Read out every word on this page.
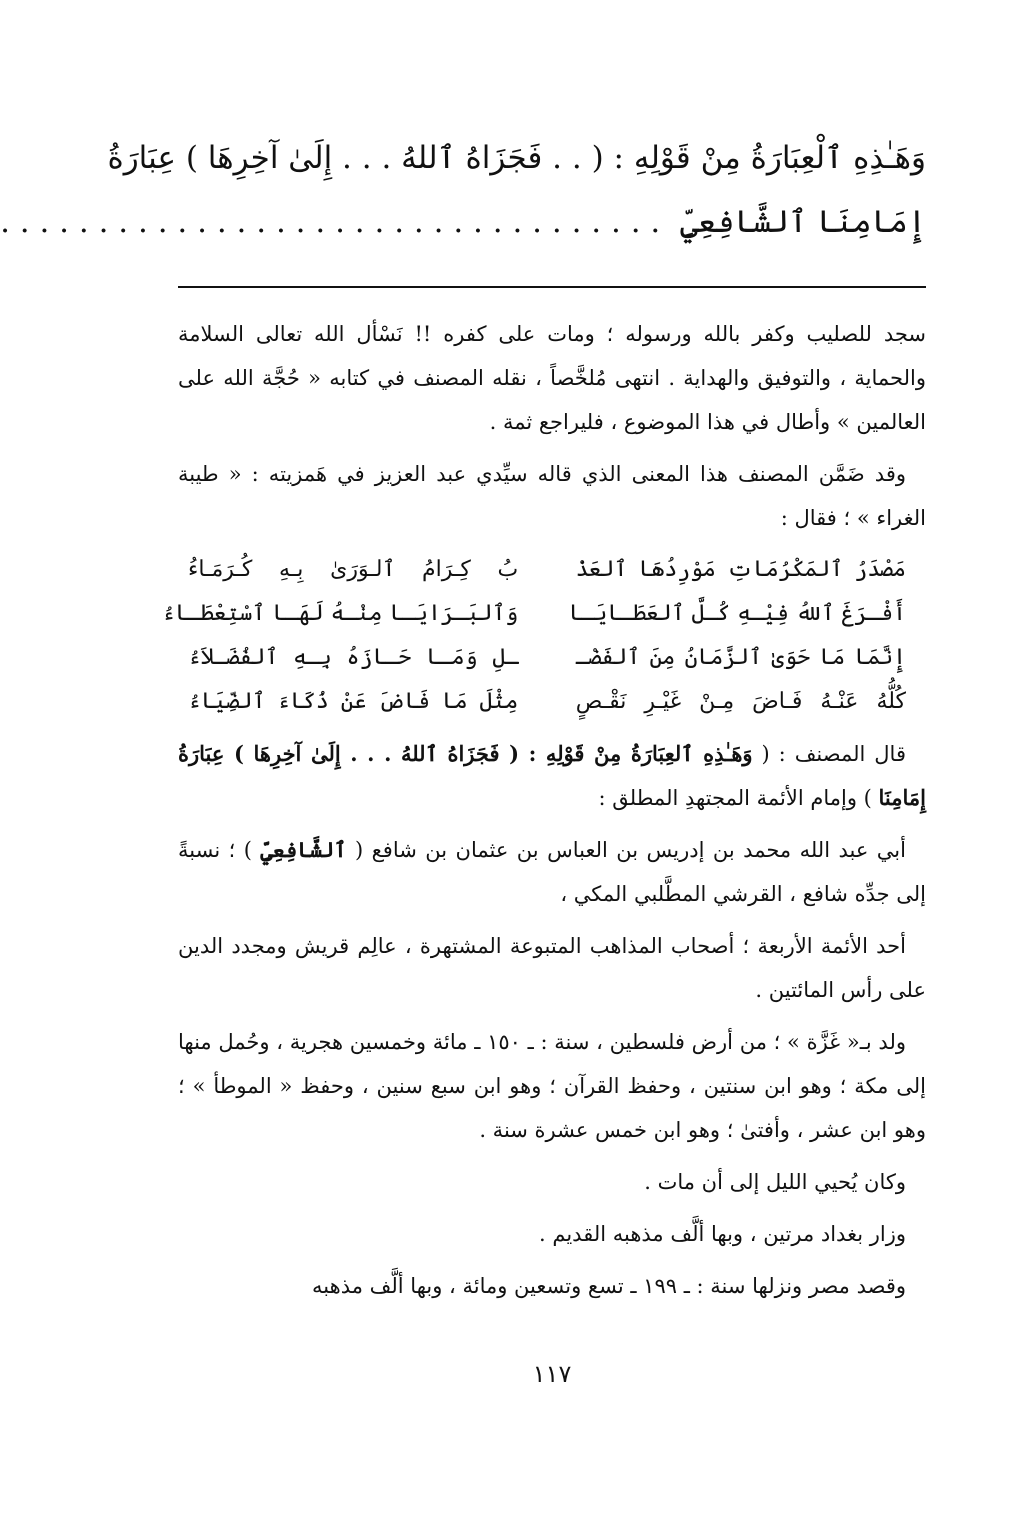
وَهَـٰذِهِ ٱلْعِبَارَةُ مِنْ قَوْلِهِ : ( . . فَجَزَاهُ ٱللهُ . . . إِلَىٰ آخِرِهَا ) عِبَارَةُ
إِمَامِنَا ٱلشَّافِعِيِّ  . . . . . . . . . . . . . . . . . . . . . . . . . . . . . . . . . .

سجد للصليب وكفر بالله ورسوله ؛ ومات على كفره !! نَسْأل الله تعالى السلامة والحماية ، والتوفيق والهداية . انتهى مُلخَّصاً ، نقله المصنف في كتابه « حُجَّة الله على العالمين » وأطال في هذا الموضوع ، فليراجع ثمة .

وقد ضَمَّن المصنف هذا المعنى الذي قاله سيِّدي عبد العزيز في هَمزيته : « طيبة الغراء » ؛ فقال :

مَصْدَرُ ٱلمَكْرُمَاتِ مَوْرِدُهَا ٱلعَذْ
بُ كِـرَامُ ٱلـوَرَىٰ بِـهِ كُـرَمَـاءُ
أَفْـرَغَ ٱللهُ فِيْـهِ كُـلَّ ٱلعَطَـايَـا
وَٱلبَـرَايَـا مِنْـهُ لَهَـا ٱسْتِعْطَـاءُ
إِنَّمَا مَا حَوَىٰ ٱلزَّمَانُ مِنَ ٱلفَضْـ
ـلِ وَمَـا حَـازَهُ بِـهِ ٱلفُضَـلاَءُ
كُلُّهُ عَنْـهُ فَـاضَ مِـنْ غَيْـرِ نَقْـصٍ
مِثْلَ مَا فَاضَ عَنْ ذُكَاءَ ٱلضِّيَاءُ

قال المصنف : ( وَهَـٰذِهِ ٱلعِبَارَةُ مِنْ قَوْلِهِ : ( فَجَزَاهُ ٱللهُ . . . إِلَىٰ آخِرِهَا ) عِبَارَةُ إِمَامِنَا ) وإمام الأئمة المجتهدِ المطلق :

أبي عبد الله محمد بن إدريس بن العباس بن عثمان بن شافع ( ٱلشَّافِعِيِّ ) ؛ نسبةً إلى جدِّه شافع ، القرشي المطَّلبي المكي ،

أحد الأئمة الأربعة ؛ أصحاب المذاهب المتبوعة المشتهرة ، عالِم قريش ومجدد الدين على رأس المائتين .

ولد بـ« غَزَّة » ؛ من أرض فلسطين ، سنة : ـ ١٥٠ ـ مائة وخمسين هجرية ، وحُمل منها إلى مكة ؛ وهو ابن سنتين ، وحفظ القرآن ؛ وهو ابن سبع سنين ، وحفظ « الموطأ » ؛ وهو ابن عشر ، وأفتىٰ ؛ وهو ابن خمس عشرة سنة .

وكان يُحيي الليل إلى أن مات .

وزار بغداد مرتين ، وبها ألَّف مذهبه القديم .

وقصد مصر ونزلها سنة : ـ ١٩٩ ـ تسع وتسعين ومائة ، وبها ألَّف مذهبه

١١٧
